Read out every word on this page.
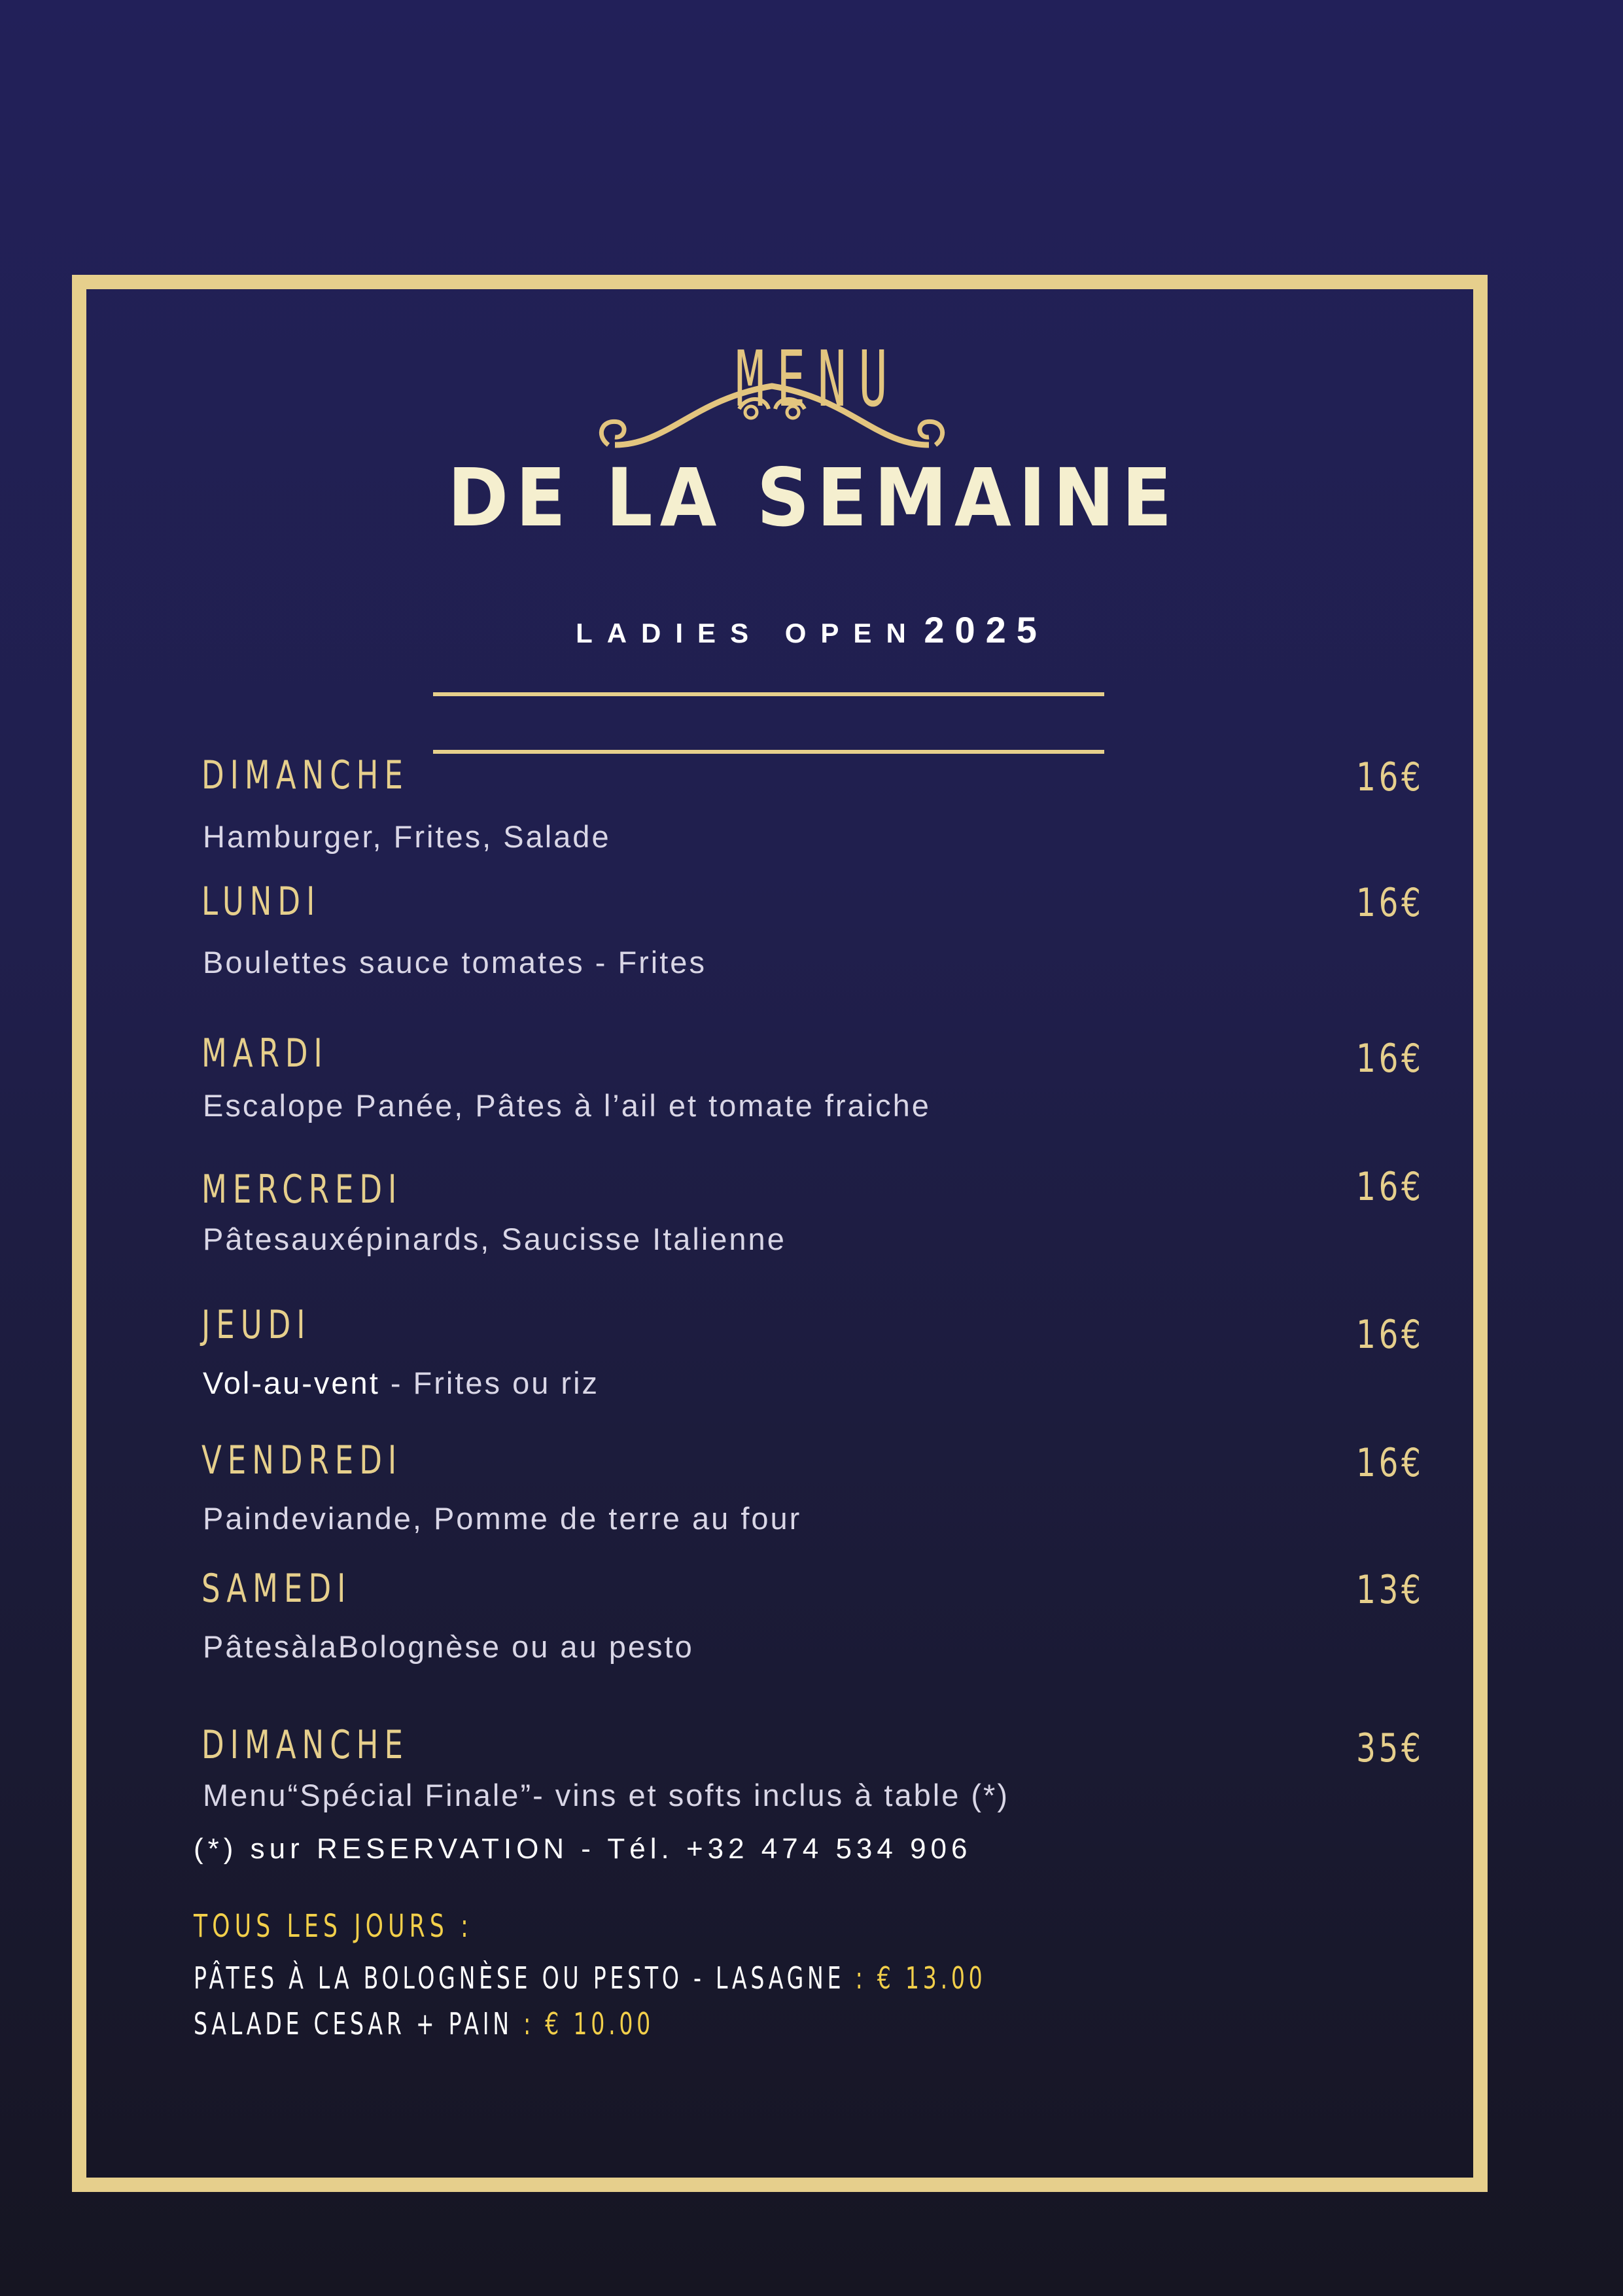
MENU
DE LA SEMAINE
LADIES OPEN 2025
DIMANCHE	16€
Hamburger, Frites, Salade
LUNDI	16€
Boulettes sauce tomates - Frites
MARDI	16€
Escalope Panée, Pâtes à l’ail et tomate fraiche
MERCREDI	16€
Pâtesauxépinards, Saucisse Italienne
JEUDI	16€
Vol-au-vent - Frites ou riz
VENDREDI	16€
Paindeviande, Pomme de terre au four
SAMEDI	13€
PâtesàlaBolognèse ou au pesto
DIMANCHE	35€
Menu“Spécial Finale”- vins et softs inclus à table (*)
(*) sur RESERVATION - Tél. +32 474 534 906
TOUS LES JOURS :
PÂTES À LA BOLOGNÈSE OU PESTO - LASAGNE : € 13.00
SALADE CESAR + PAIN : € 10.00
